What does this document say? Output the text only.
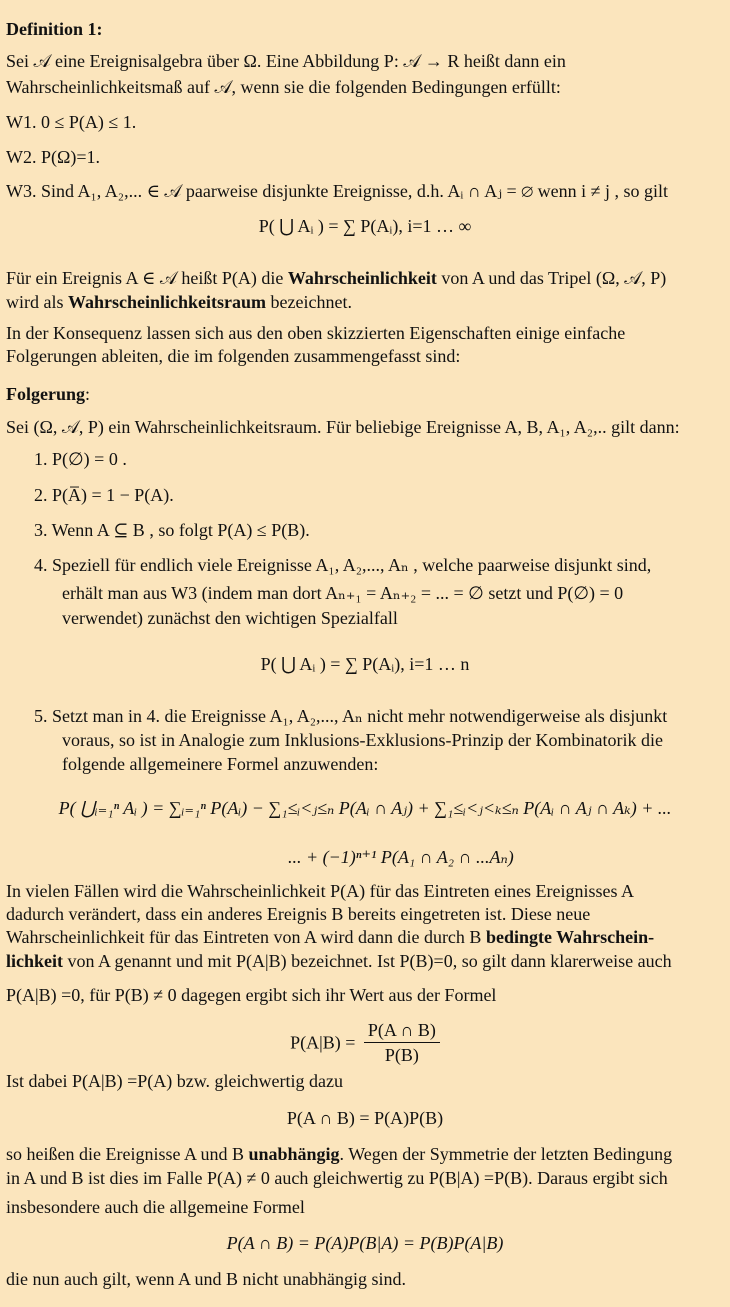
Definition 1:
Sei 𝒜 eine Ereignisalgebra über Ω. Eine Abbildung P: 𝒜 → R heißt dann ein
Wahrscheinlichkeitsmaß auf 𝒜, wenn sie die folgenden Bedingungen erfüllt:
W1. 0 ≤ P(A) ≤ 1.
W2. P(Ω)=1.
W3. Sind A₁, A₂,... ∈ 𝒜 paarweise disjunkte Ereignisse, d.h. Aᵢ ∩ Aⱼ = ∅ wenn i ≠ j , so gilt
P( ⋃ Aᵢ ) = ∑ P(Aᵢ), i=1 … ∞
Für ein Ereignis A ∈ 𝒜 heißt P(A) die Wahrscheinlichkeit von A und das Tripel (Ω, 𝒜, P)
wird als Wahrscheinlichkeitsraum bezeichnet.
In der Konsequenz lassen sich aus den oben skizzierten Eigenschaften einige einfache
Folgerungen ableiten, die im folgenden zusammengefasst sind:
Folgerung:
Sei (Ω, 𝒜, P) ein Wahrscheinlichkeitsraum. Für beliebige Ereignisse A, B, A₁, A₂,.. gilt dann:
1. P(∅) = 0 .
2. P(A̅) = 1 − P(A).
3. Wenn A ⊆ B , so folgt P(A) ≤ P(B).
4. Speziell für endlich viele Ereignisse A₁, A₂,..., Aₙ , welche paarweise disjunkt sind,
erhält man aus W3 (indem man dort Aₙ₊₁ = Aₙ₊₂ = ... = ∅ setzt und P(∅) = 0
verwendet) zunächst den wichtigen Spezialfall
P( ⋃ Aᵢ ) = ∑ P(Aᵢ), i=1 … n
5. Setzt man in 4. die Ereignisse A₁, A₂,..., Aₙ nicht mehr notwendigerweise als disjunkt
voraus, so ist in Analogie zum Inklusions-Exklusions-Prinzip der Kombinatorik die
folgende allgemeinere Formel anzuwenden:
P( ⋃ᵢ₌₁ⁿ Aᵢ ) = ∑ᵢ₌₁ⁿ P(Aᵢ) − ∑₁≤ᵢ<ⱼ≤ₙ P(Aᵢ ∩ Aⱼ) + ∑₁≤ᵢ<ⱼ<ₖ≤ₙ P(Aᵢ ∩ Aⱼ ∩ Aₖ) + ...
... + (−1)ⁿ⁺¹ P(A₁ ∩ A₂ ∩ ...Aₙ)
In vielen Fällen wird die Wahrscheinlichkeit P(A) für das Eintreten eines Ereignisses A
dadurch verändert, dass ein anderes Ereignis B bereits eingetreten ist. Diese neue
Wahrscheinlichkeit für das Eintreten von A wird dann die durch B bedingte Wahrschein-
lichkeit von A genannt und mit P(A|B) bezeichnet. Ist P(B)=0, so gilt dann klarerweise auch
P(A|B) =0, für P(B) ≠ 0 dagegen ergibt sich ihr Wert aus der Formel
$P(A|B) = \frac{P(A \cap B)}{P(B)}$
Ist dabei P(A|B) =P(A) bzw. gleichwertig dazu
P(A ∩ B) = P(A)P(B)
so heißen die Ereignisse A und B unabhängig. Wegen der Symmetrie der letzten Bedingung
in A und B ist dies im Falle P(A) ≠ 0 auch gleichwertig zu P(B|A) =P(B). Daraus ergibt sich
insbesondere auch die allgemeine Formel
P(A ∩ B) = P(A)P(B|A) = P(B)P(A|B)
die nun auch gilt, wenn A und B nicht unabhängig sind.
